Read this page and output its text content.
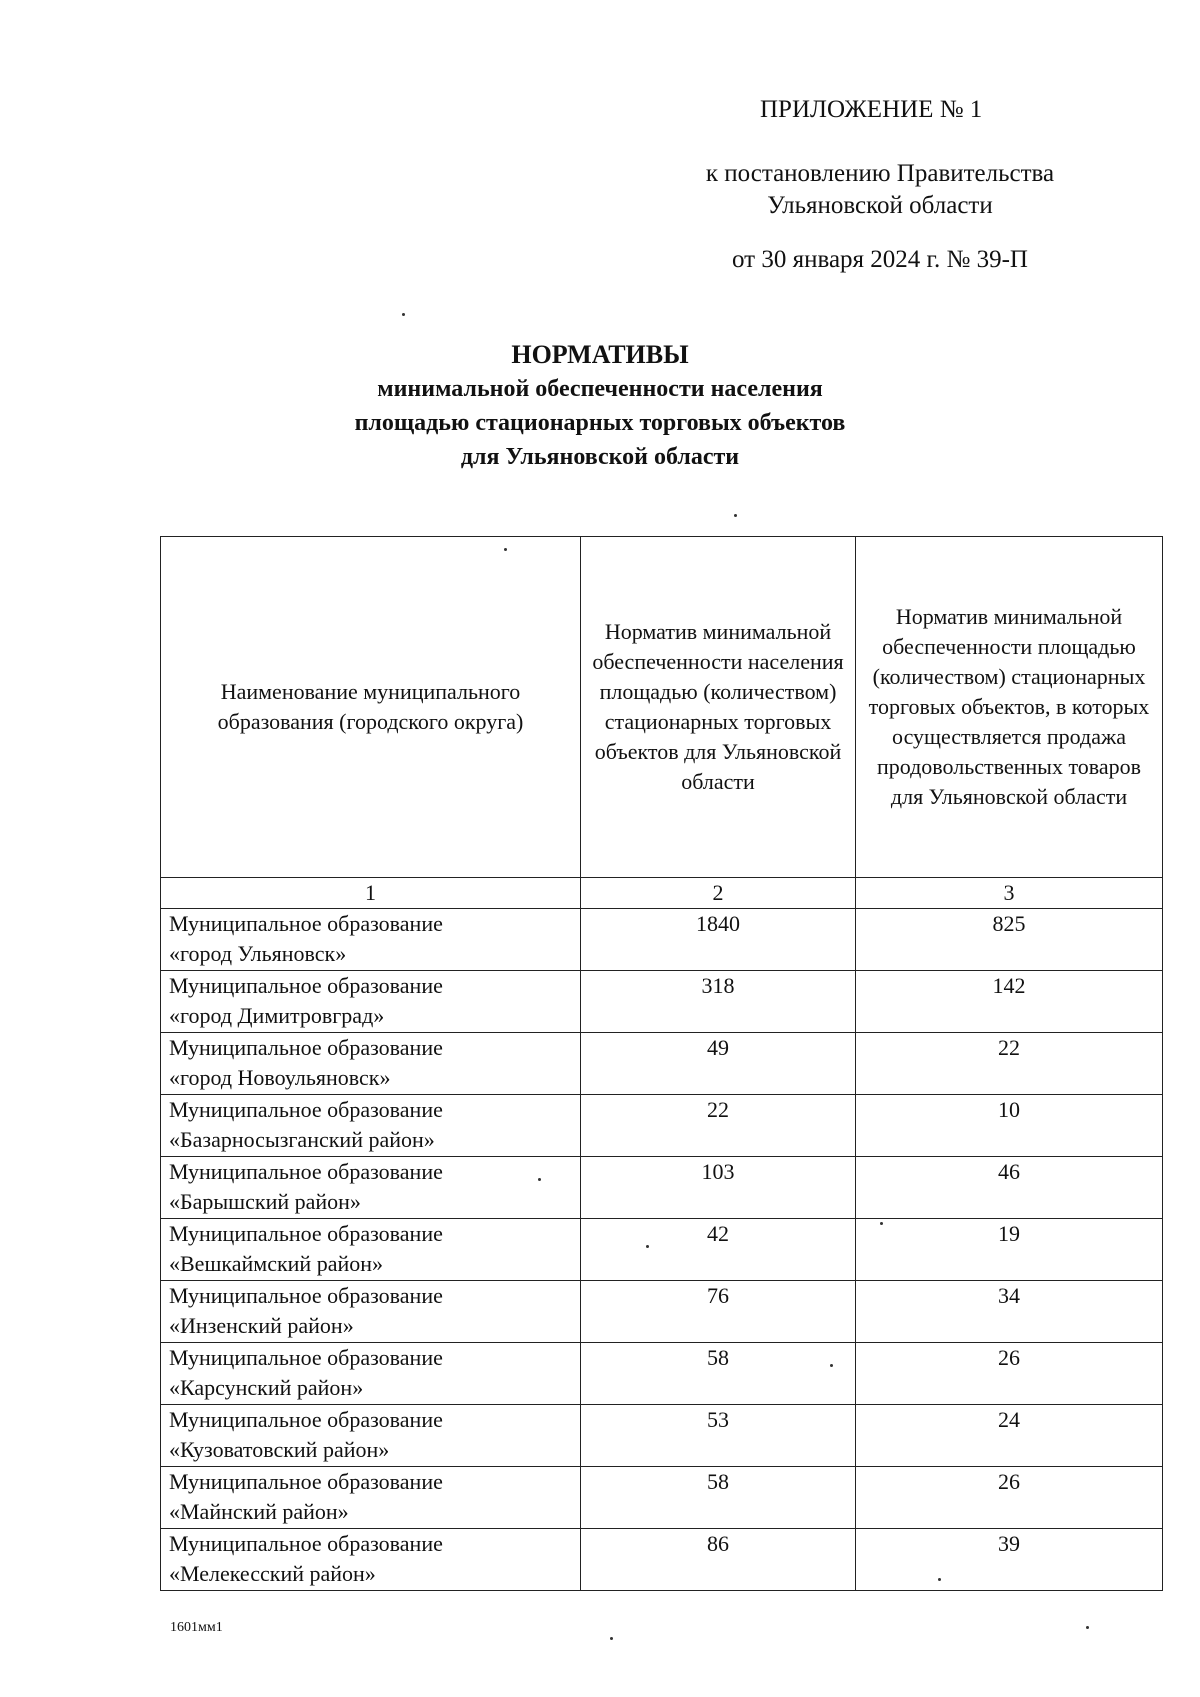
ПРИЛОЖЕНИЕ № 1
к постановлению Правительства
Ульяновской области
от 30 января 2024 г. № 39-П
НОРМАТИВЫ
минимальной обеспеченности населения
площадью стационарных торговых объектов
для Ульяновской области
Наименование муниципального образования (городского округа)	Норматив минимальной обеспеченности населения площадью (количеством) стационарных торговых объектов для Ульяновской области	Норматив минимальной обеспеченности площадью (количеством) стационарных торговых объектов, в которых осуществляется продажа продовольственных товаров для Ульяновской области
1	2	3

Муниципальное образование
«город Ульяновск»	1840	825

Муниципальное образование
«город Димитровград»	318	142

Муниципальное образование
«город Новоульяновск»	49	22

Муниципальное образование
«Базарносызганский район»	22	10

Муниципальное образование
«Барышский район»	103	46

Муниципальное образование
«Вешкаймский район»	42	19

Муниципальное образование
«Инзенский район»	76	34

Муниципальное образование
«Карсунский район»	58	26

Муниципальное образование
«Кузоватовский район»	53	24

Муниципальное образование
«Майнский район»	58	26

Муниципальное образование
«Мелекесский район»	86	39
1601мм1
